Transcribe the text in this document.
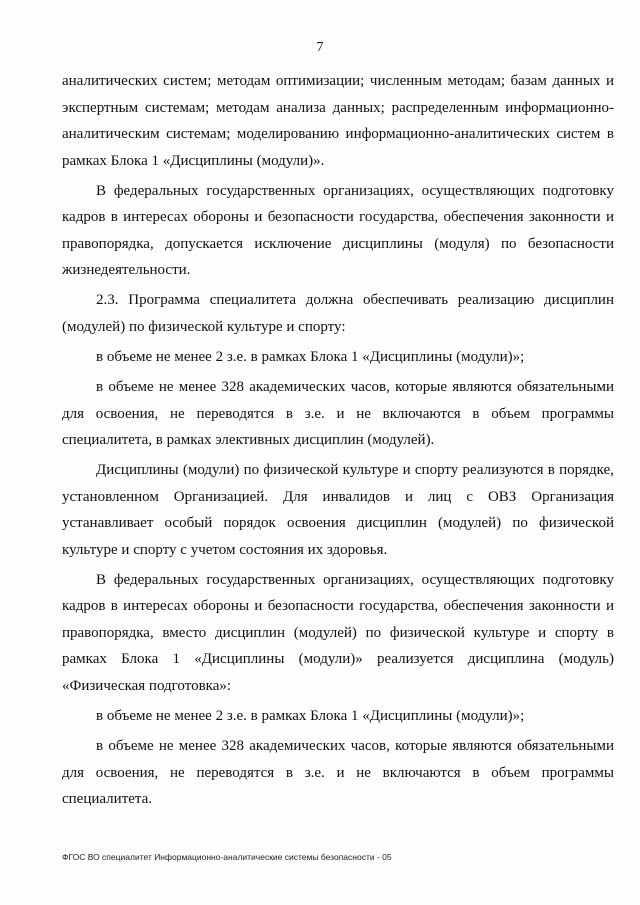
7

аналитических систем; методам оптимизации; численным методам; базам данных и экспертным системам; методам анализа данных; распределенным информационно-аналитическим системам; моделированию информационно-аналитических систем в рамках Блока 1 «Дисциплины (модули)».

В федеральных государственных организациях, осуществляющих подготовку кадров в интересах обороны и безопасности государства, обеспечения законности и правопорядка, допускается исключение дисциплины (модуля) по безопасности жизнедеятельности.

2.3. Программа специалитета должна обеспечивать реализацию дисциплин (модулей) по физической культуре и спорту:

в объеме не менее 2 з.е. в рамках Блока 1 «Дисциплины (модули)»;

в объеме не менее 328 академических часов, которые являются обязательными для освоения, не переводятся в з.е. и не включаются в объем программы специалитета, в рамках элективных дисциплин (модулей).

Дисциплины (модули) по физической культуре и спорту реализуются в порядке, установленном Организацией. Для инвалидов и лиц с ОВЗ Организация устанавливает особый порядок освоения дисциплин (модулей) по физической культуре и спорту с учетом состояния их здоровья.

В федеральных государственных организациях, осуществляющих подготовку кадров в интересах обороны и безопасности государства, обеспечения законности и правопорядка, вместо дисциплин (модулей) по физической культуре и спорту в рамках Блока 1 «Дисциплины (модули)» реализуется дисциплина (модуль) «Физическая подготовка»:

в объеме не менее 2 з.е. в рамках Блока 1 «Дисциплины (модули)»;

в объеме не менее 328 академических часов, которые являются обязательными для освоения, не переводятся в з.е. и не включаются в объем программы специалитета.

ФГОС ВО специалитет Информационно-аналитические системы безопасности - 05
